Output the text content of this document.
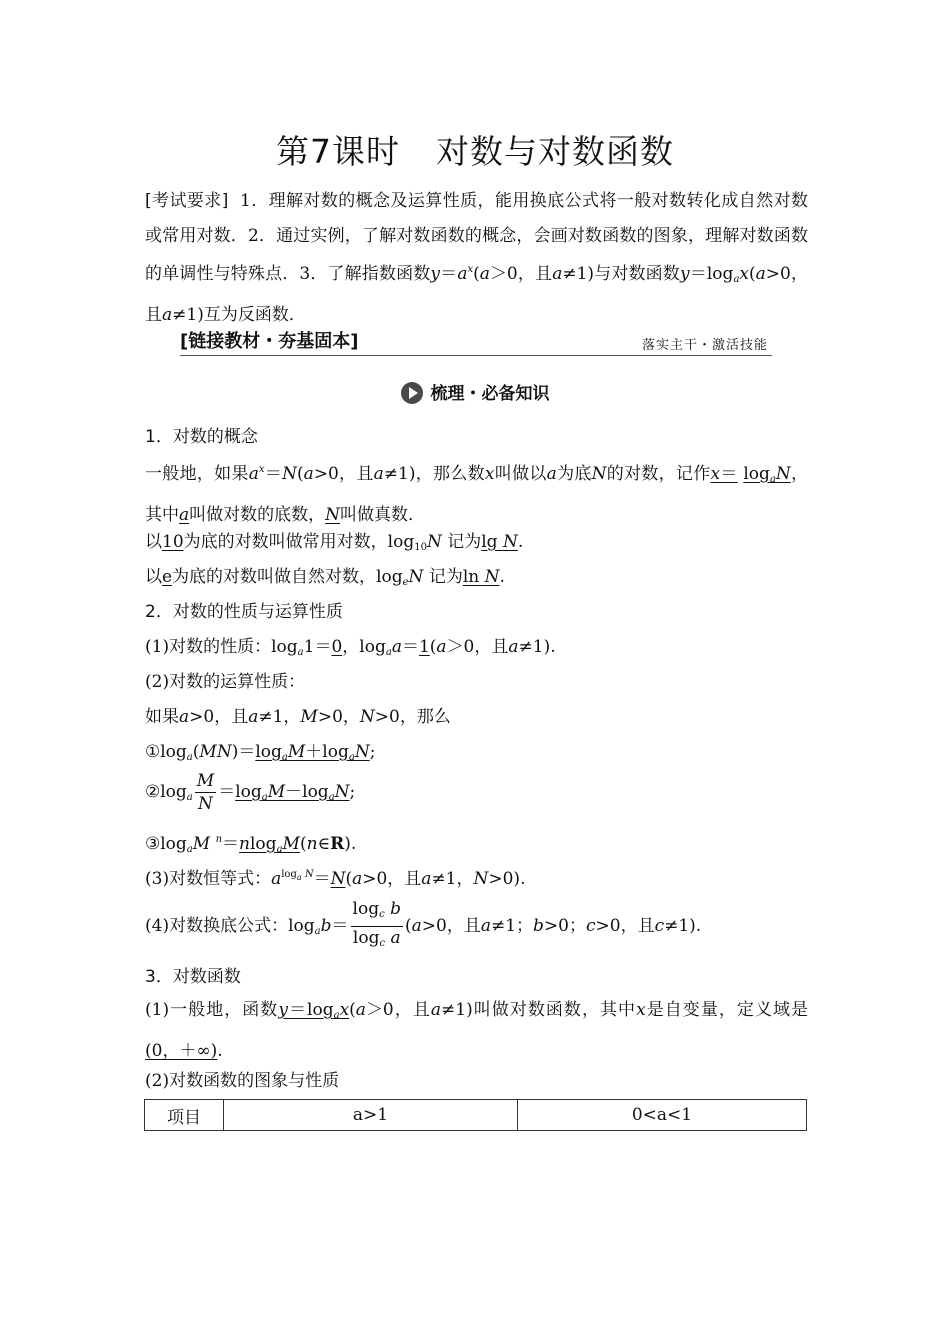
第7课时 对数与对数函数
[考试要求] 1．理解对数的概念及运算性质，能用换底公式将一般对数转化成自然对数或常用对数．2．通过实例，了解对数函数的概念，会画对数函数的图象，理解对数函数的单调性与特殊点．3．了解指数函数$y=a^x(a>0$，且a≠1)与对数函数$y=\log_ax(a>0$，且a≠1)互为反函数．
[链接教材・夯基固本]	落实主干・激活技能
梳理・必备知识
1．对数的概念
一般地，如果$a^x=N(a>0$，且a≠1)，那么数x叫做以a为底N的对数，记作$x= \log_aN$，其中a叫做对数的底数，N叫做真数．
以10为底的对数叫做常用对数，$\log_{10}N$ 记为lg N.
以e为底的对数叫做自然对数，$\log_eN$ 记为ln N.
2．对数的性质与运算性质
(1)对数的性质：$\log_a1=0$，$\log_aa=1(a>0$，且a≠1).
(2)对数的运算性质：
如果a>0，且a≠1，M>0，N>0，那么
$①\log_a(MN)=\log_aM+\log_aN$;
$②\log_a \frac{M}{N} =\log_aM-\log_aN$;
$③\log_aM$ $^n$＝nlog$_a$M(n∈R).
(3)对数恒等式：$a^{log_a N}=N(a>0$，且a≠1，N>0).
(4)对数换底公式：$\log_ab= \frac{\log_c b}{\log_c a} (a>0$，且a≠1；b>0；c>0，且c≠1).
3．对数函数
(1)一般地，函数$y=\log_ax(a>0$，且a≠1)叫做对数函数，其中x是自变量，定义域是(0，＋∞).
(2)对数函数的图象与性质
项目	a>1	0<a<1
